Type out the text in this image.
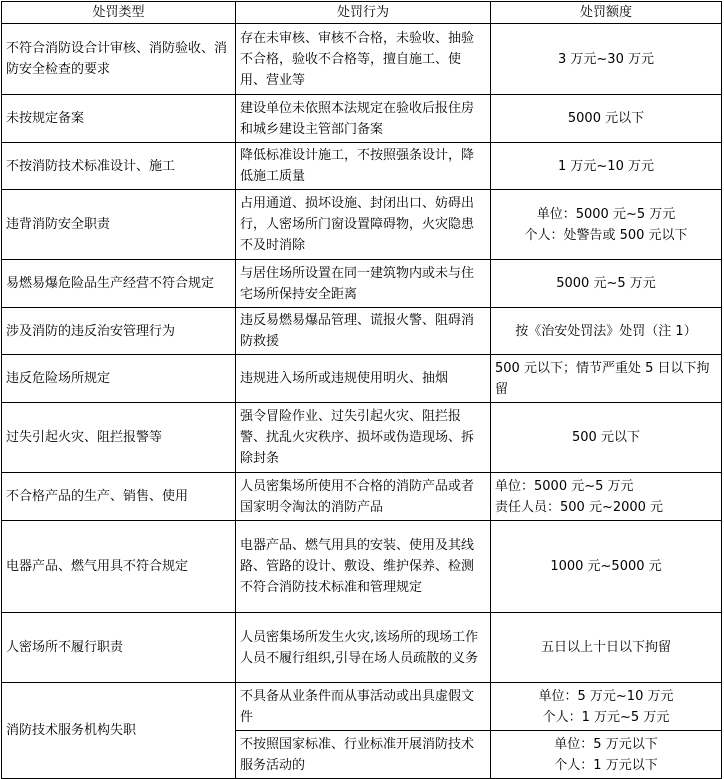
处罚类型	处罚行为	处罚额度
不符合消防设合计审核、消防验收、消防安全检查的要求	存在未审核、审核不合格，未验收、抽验不合格，验收不合格等，擅自施工、使用、营业等	3 万元~30 万元

未按规定备案	建设单位未依照本法规定在验收后报住房和城乡建设主管部门备案	5000 元以下

不按消防技术标准设计、施工	降低标准设计施工，不按照强条设计，降低施工质量	1 万元~10 万元

违背消防安全职责	占用通道、损坏设施、封闭出口、妨碍出行，人密场所门窗设置障碍物，火灾隐患不及时消除	单位：5000 元~5 万元
个人：处警告或 500 元以下

易燃易爆危险品生产经营不符合规定	与居住场所设置在同一建筑物内或未与住宅场所保持安全距离	5000 元~5 万元

涉及消防的违反治安管理行为	违反易燃易爆品管理、谎报火警、阻碍消防救援	按《治安处罚法》处罚（注 1）

违反危险场所规定	违规进入场所或违规使用明火、抽烟	500 元以下；情节严重处 5 日以下拘留

过失引起火灾、阻拦报警等	强令冒险作业、过失引起火灾、阻拦报警、扰乱火灾秩序、损坏或伪造现场、拆除封条	500 元以下

不合格产品的生产、销售、使用	人员密集场所使用不合格的消防产品或者国家明令淘汰的消防产品	单位：5000 元~5 万元
责任人员：500 元~2000 元

电器产品、燃气用具不符合规定	电器产品、燃气用具的安装、使用及其线路、管路的设计、敷设、维护保养、检测不符合消防技术标准和管理规定	1000 元~5000 元

人密场所不履行职责	人员密集场所发生火灾,该场所的现场工作人员不履行组织,引导在场人员疏散的义务	五日以上十日以下拘留

消防技术服务机构失职	不具备从业条件而从事活动或出具虚假文件	单位：5 万元~10 万元
个人：1 万元~5 万元

	不按照国家标准、行业标准开展消防技术服务活动的	单位：5 万元以下
个人：1 万元以下
